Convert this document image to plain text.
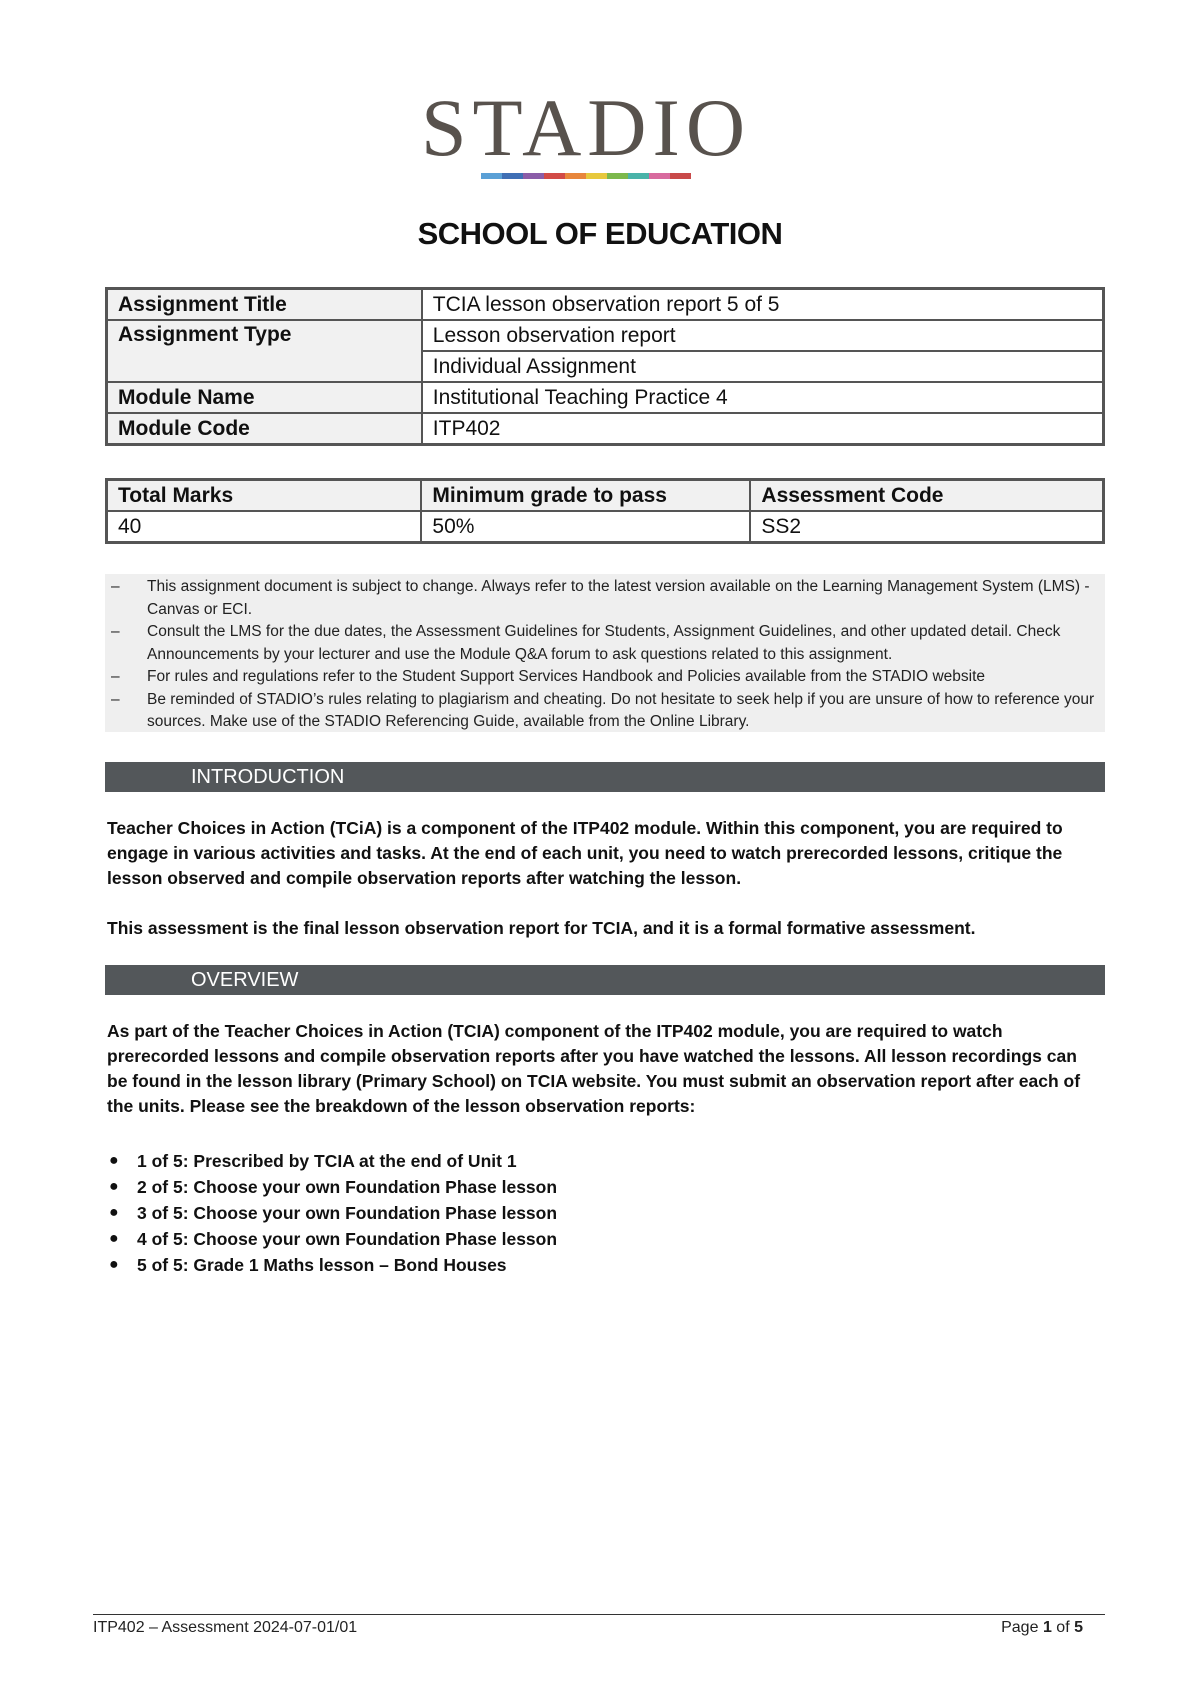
STADIO
SCHOOL OF EDUCATION
Assignment Title	TCIA lesson observation report 5 of 5
Assignment Type	Lesson observation report
	Individual Assignment
Module Name	Institutional Teaching Practice 4
Module Code	ITP402
Total Marks	Minimum grade to pass	Assessment Code
40	50%	SS2
– This assignment document is subject to change. Always refer to the latest version available on the Learning Management System (LMS) - Canvas or ECI.
– Consult the LMS for the due dates, the Assessment Guidelines for Students, Assignment Guidelines, and other updated detail. Check Announcements by your lecturer and use the Module Q&A forum to ask questions related to this assignment.
– For rules and regulations refer to the Student Support Services Handbook and Policies available from the STADIO website
– Be reminded of STADIO’s rules relating to plagiarism and cheating. Do not hesitate to seek help if you are unsure of how to reference your sources. Make use of the STADIO Referencing Guide, available from the Online Library.
INTRODUCTION
Teacher Choices in Action (TCiA) is a component of the ITP402 module. Within this component, you are required to engage in various activities and tasks. At the end of each unit, you need to watch prerecorded lessons, critique the lesson observed and compile observation reports after watching the lesson.
This assessment is the final lesson observation report for TCIA, and it is a formal formative assessment.
OVERVIEW
As part of the Teacher Choices in Action (TCIA) component of the ITP402 module, you are required to watch prerecorded lessons and compile observation reports after you have watched the lessons. All lesson recordings can be found in the lesson library (Primary School) on TCIA website. You must submit an observation report after each of the units. Please see the breakdown of the lesson observation reports:
● 1 of 5: Prescribed by TCIA at the end of Unit 1
● 2 of 5: Choose your own Foundation Phase lesson
● 3 of 5: Choose your own Foundation Phase lesson
● 4 of 5: Choose your own Foundation Phase lesson
● 5 of 5: Grade 1 Maths lesson – Bond Houses
ITP402 – Assessment 2024-07-01/01	Page 1 of 5
